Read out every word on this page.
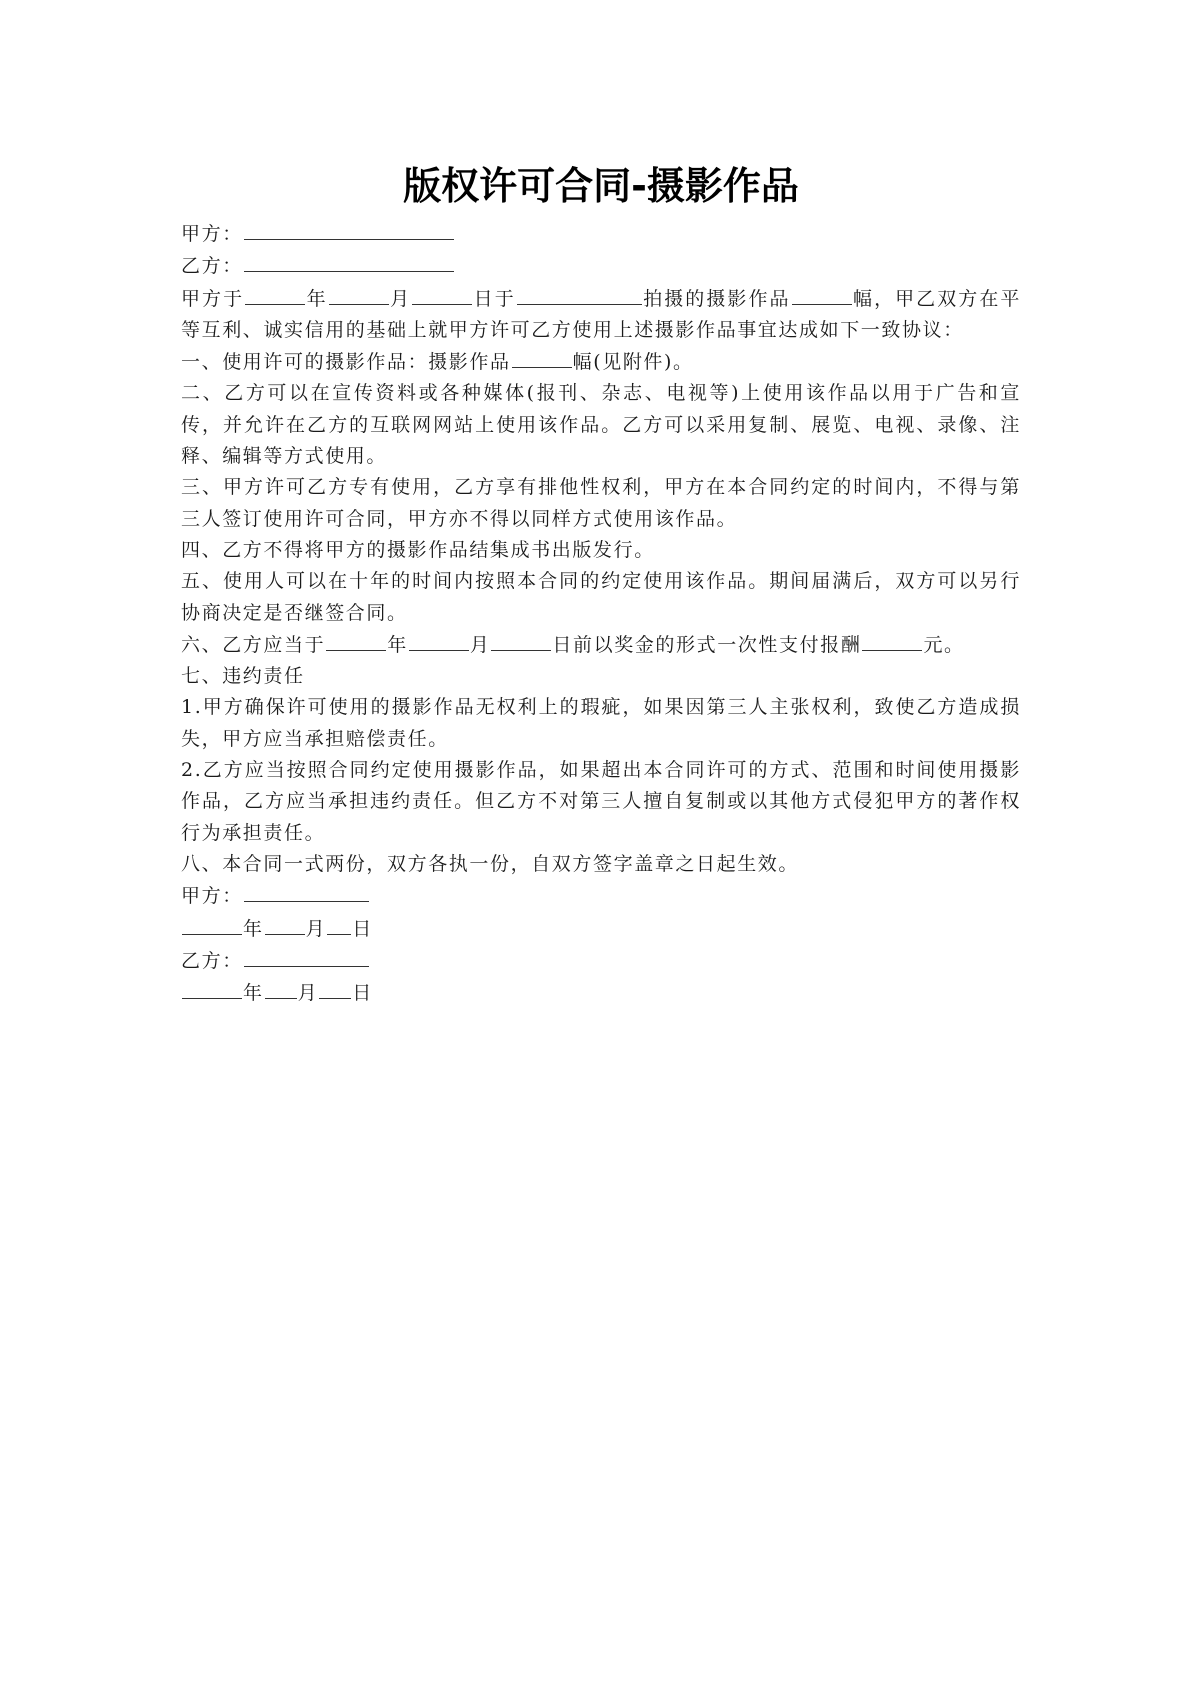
版权许可合同-摄影作品
甲方：
乙方：
甲方于	年	月	日于	拍摄的摄影作品	幅，甲乙双方在平等互利、诚实信用的基础上就甲方许可乙方使用上述摄影作品事宜达成如下一致协议：
一、使用许可的摄影作品：摄影作品	幅(见附件)。
二、乙方可以在宣传资料或各种媒体(报刊、杂志、电视等)上使用该作品以用于广告和宣传，并允许在乙方的互联网网站上使用该作品。乙方可以采用复制、展览、电视、录像、注释、编辑等方式使用。
三、甲方许可乙方专有使用，乙方享有排他性权利，甲方在本合同约定的时间内，不得与第三人签订使用许可合同，甲方亦不得以同样方式使用该作品。
四、乙方不得将甲方的摄影作品结集成书出版发行。
五、使用人可以在十年的时间内按照本合同的约定使用该作品。期间届满后，双方可以另行协商决定是否继签合同。
六、乙方应当于	年	月	日前以奖金的形式一次性支付报酬	元。
七、违约责任
1.甲方确保许可使用的摄影作品无权利上的瑕疵，如果因第三人主张权利，致使乙方造成损失，甲方应当承担赔偿责任。
2.乙方应当按照合同约定使用摄影作品，如果超出本合同许可的方式、范围和时间使用摄影作品，乙方应当承担违约责任。但乙方不对第三人擅自复制或以其他方式侵犯甲方的著作权行为承担责任。
八、本合同一式两份，双方各执一份，自双方签字盖章之日起生效。
甲方：
年 月 日
乙方：
年 月 日
